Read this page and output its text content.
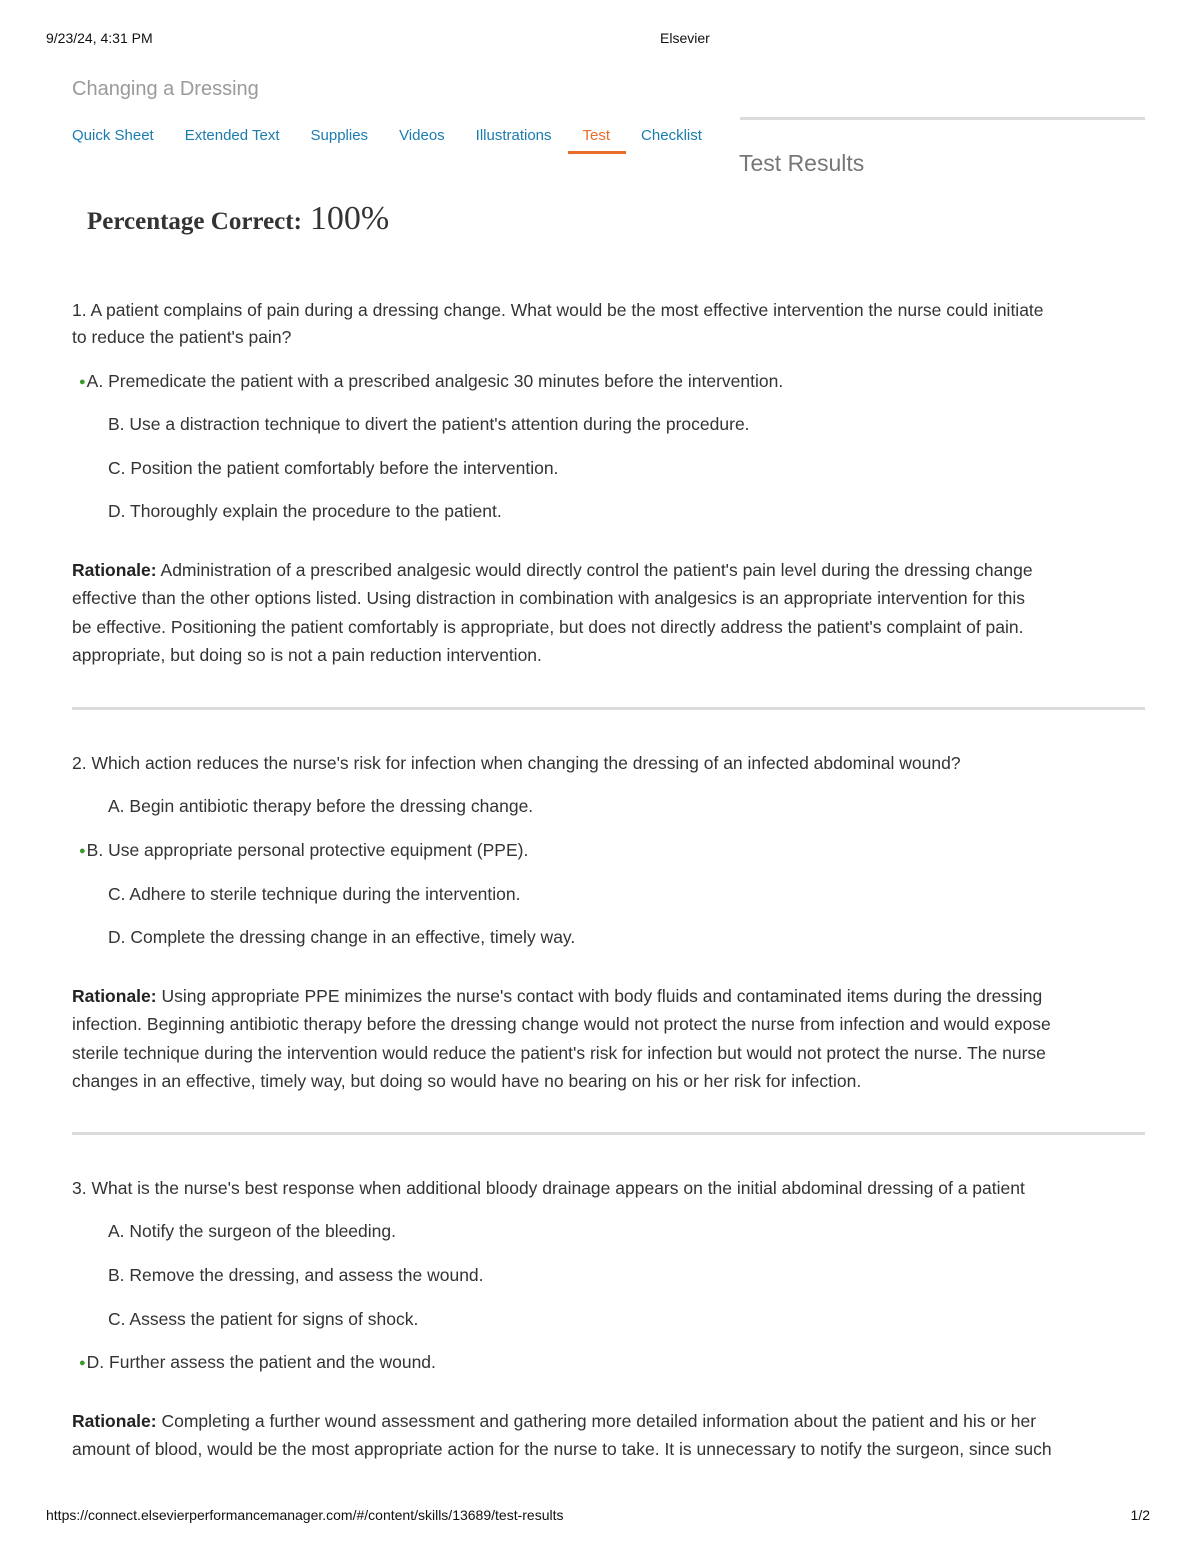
9/23/24, 4:31 PM	Elsevier
Changing a Dressing
Quick Sheet Extended Text Supplies Videos Illustrations Test Checklist
Test Results
Percentage Correct: 100%
1. A patient complains of pain during a dressing change. What would be the most effective intervention the nurse could initiate
to reduce the patient's pain?
●A. Premedicate the patient with a prescribed analgesic 30 minutes before the intervention.
B. Use a distraction technique to divert the patient's attention during the procedure.
C. Position the patient comfortably before the intervention.
D. Thoroughly explain the procedure to the patient.
Rationale: Administration of a prescribed analgesic would directly control the patient's pain level during the dressing change
effective than the other options listed. Using distraction in combination with analgesics is an appropriate intervention for this
be effective. Positioning the patient comfortably is appropriate, but does not directly address the patient's complaint of pain.
appropriate, but doing so is not a pain reduction intervention.
2. Which action reduces the nurse's risk for infection when changing the dressing of an infected abdominal wound?
A. Begin antibiotic therapy before the dressing change.
●B. Use appropriate personal protective equipment (PPE).
C. Adhere to sterile technique during the intervention.
D. Complete the dressing change in an effective, timely way.
Rationale: Using appropriate PPE minimizes the nurse's contact with body fluids and contaminated items during the dressing
infection. Beginning antibiotic therapy before the dressing change would not protect the nurse from infection and would expose
sterile technique during the intervention would reduce the patient's risk for infection but would not protect the nurse. The nurse
changes in an effective, timely way, but doing so would have no bearing on his or her risk for infection.
3. What is the nurse's best response when additional bloody drainage appears on the initial abdominal dressing of a patient
A. Notify the surgeon of the bleeding.
B. Remove the dressing, and assess the wound.
C. Assess the patient for signs of shock.
●D. Further assess the patient and the wound.
Rationale: Completing a further wound assessment and gathering more detailed information about the patient and his or her
amount of blood, would be the most appropriate action for the nurse to take. It is unnecessary to notify the surgeon, since such
https://connect.elsevierperformancemanager.com/#/content/skills/13689/test-results	1/2
